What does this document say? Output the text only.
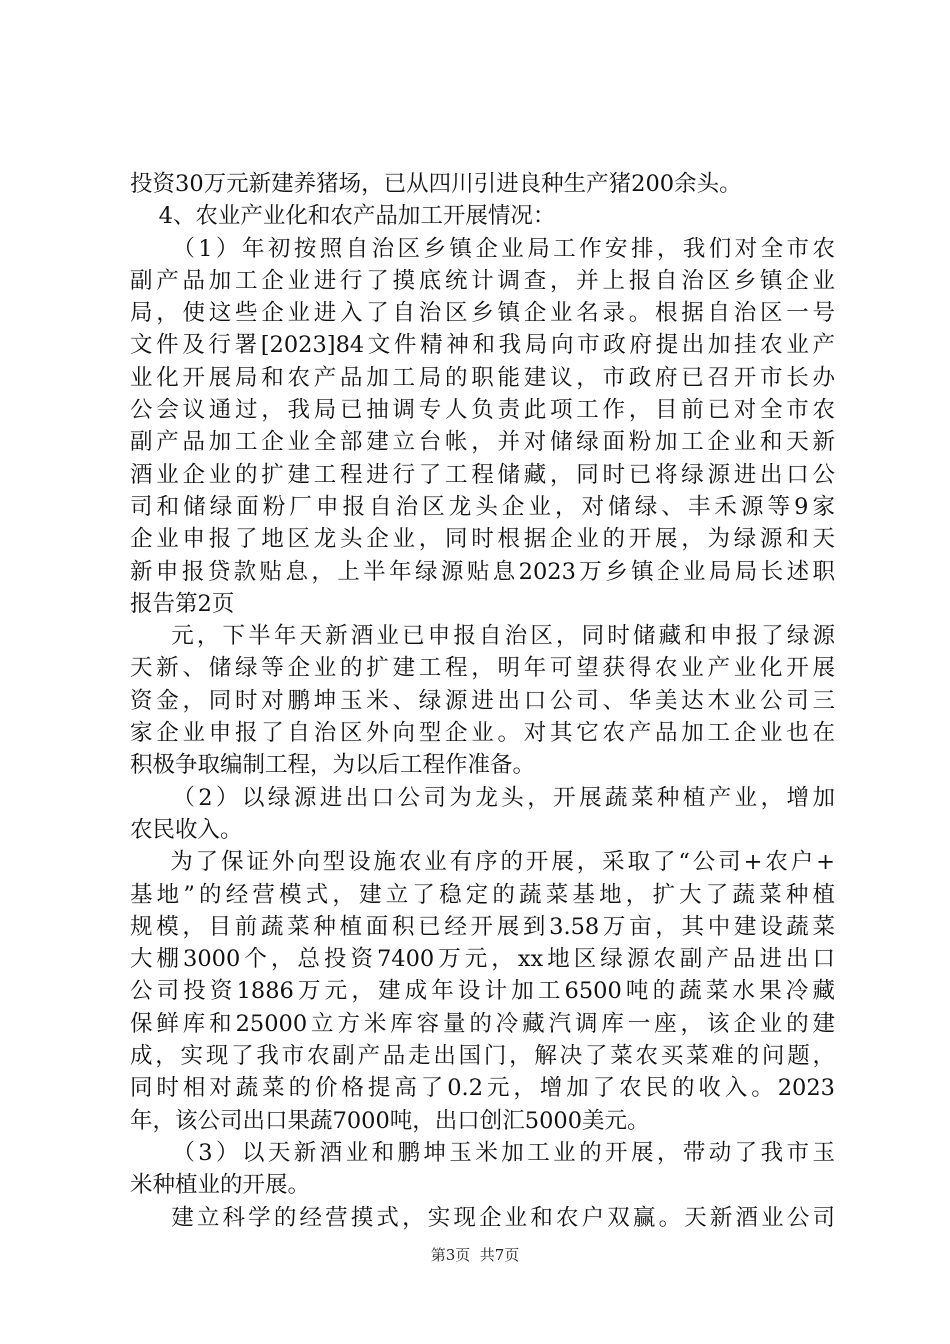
投资30万元新建养猪场，已从四川引进良种生产猪200余头。
4、农业产业化和农产品加工开展情况：
（1）年初按照自治区乡镇企业局工作安排，我们对全市农
副产品加工企业进行了摸底统计调查，并上报自治区乡镇企业
局，使这些企业进入了自治区乡镇企业名录。根据自治区一号
文件及行署[2023]84文件精神和我局向市政府提出加挂农业产
业化开展局和农产品加工局的职能建议，市政府已召开市长办
公会议通过，我局已抽调专人负责此项工作，目前已对全市农
副产品加工企业全部建立台帐，并对储绿面粉加工企业和天新
酒业企业的扩建工程进行了工程储藏，同时已将绿源进出口公
司和储绿面粉厂申报自治区龙头企业，对储绿、丰禾源等9家
企业申报了地区龙头企业，同时根据企业的开展，为绿源和天
新申报贷款贴息，上半年绿源贴息2023万乡镇企业局局长述职
报告第2页
元，下半年天新酒业已申报自治区，同时储藏和申报了绿源
天新、储绿等企业的扩建工程，明年可望获得农业产业化开展
资金，同时对鹏坤玉米、绿源进出口公司、华美达木业公司三
家企业申报了自治区外向型企业。对其它农产品加工企业也在
积极争取编制工程，为以后工程作准备。
（2）以绿源进出口公司为龙头，开展蔬菜种植产业，增加
农民收入。
为了保证外向型设施农业有序的开展，采取了“公司+农户+
基地”的经营模式，建立了稳定的蔬菜基地，扩大了蔬菜种植
规模，目前蔬菜种植面积已经开展到3.58万亩，其中建设蔬菜
大棚3000个，总投资7400万元，xx地区绿源农副产品进出口
公司投资1886万元，建成年设计加工6500吨的蔬菜水果冷藏
保鲜库和25000立方米库容量的冷藏汽调库一座，该企业的建
成，实现了我市农副产品走出国门，解决了菜农买菜难的问题，
同时相对蔬菜的价格提高了0.2元，增加了农民的收入。2023
年，该公司出口果蔬7000吨，出口创汇5000美元。
（3）以天新酒业和鹏坤玉米加工业的开展，带动了我市玉
米种植业的开展。
建立科学的经营摸式，实现企业和农户双赢。天新酒业公司
第3页  共7页
